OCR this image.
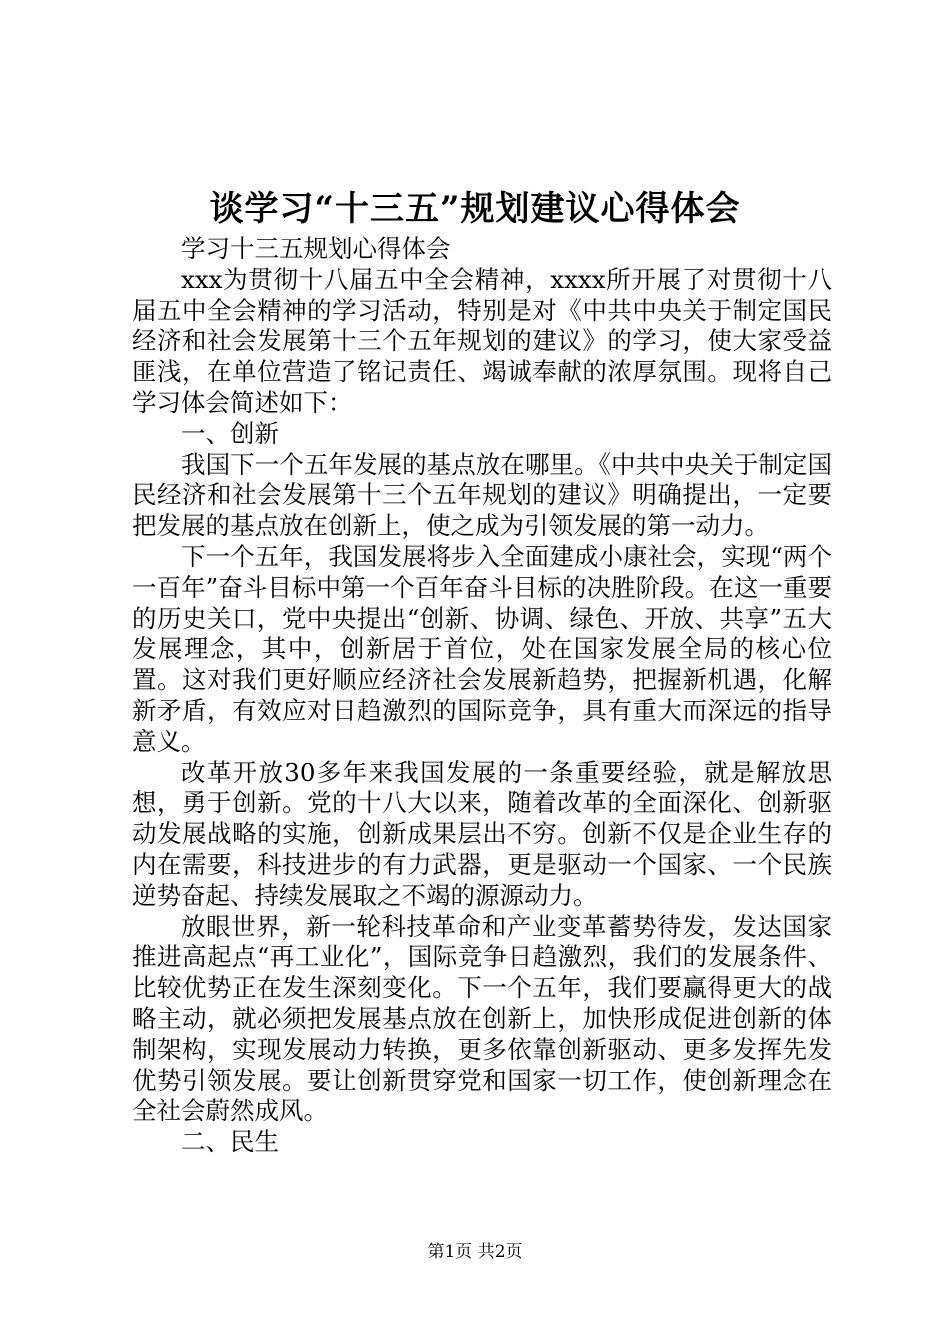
谈学习“十三五”规划建议心得体会

学习十三五规划心得体会

xxx为贯彻十八届五中全会精神，xxxx所开展了对贯彻十八届五中全会精神的学习活动，特别是对《中共中央关于制定国民经济和社会发展第十三个五年规划的建议》的学习，使大家受益匪浅，在单位营造了铭记责任、竭诚奉献的浓厚氛围。现将自己学习体会简述如下：

一、创新

我国下一个五年发展的基点放在哪里。《中共中央关于制定国民经济和社会发展第十三个五年规划的建议》明确提出，一定要把发展的基点放在创新上，使之成为引领发展的第一动力。

下一个五年，我国发展将步入全面建成小康社会，实现“两个一百年”奋斗目标中第一个百年奋斗目标的决胜阶段。在这一重要的历史关口，党中央提出“创新、协调、绿色、开放、共享”五大发展理念，其中，创新居于首位，处在国家发展全局的核心位置。这对我们更好顺应经济社会发展新趋势，把握新机遇，化解新矛盾，有效应对日趋激烈的国际竞争，具有重大而深远的指导意义。

改革开放30多年来我国发展的一条重要经验，就是解放思想，勇于创新。党的十八大以来，随着改革的全面深化、创新驱动发展战略的实施，创新成果层出不穷。创新不仅是企业生存的内在需要，科技进步的有力武器，更是驱动一个国家、一个民族逆势奋起、持续发展取之不竭的源源动力。

放眼世界，新一轮科技革命和产业变革蓄势待发，发达国家推进高起点“再工业化”，国际竞争日趋激烈，我们的发展条件、比较优势正在发生深刻变化。下一个五年，我们要赢得更大的战略主动，就必须把发展基点放在创新上，加快形成促进创新的体制架构，实现发展动力转换，更多依靠创新驱动、更多发挥先发优势引领发展。要让创新贯穿党和国家一切工作，使创新理念在全社会蔚然成风。

二、民生

第1页 共2页
